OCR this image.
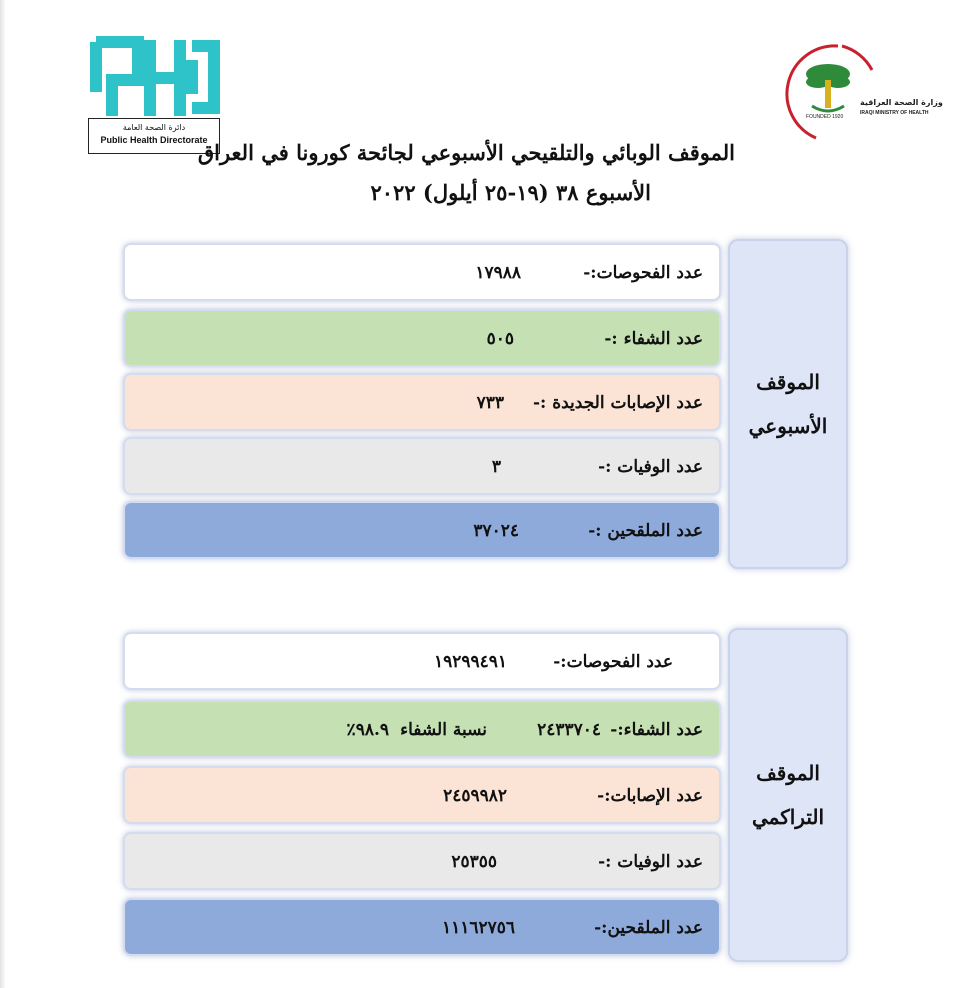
دائرة الصحة العامة
Public Health Directorate
وزارة الصحة العراقية
IRAQI MINISTRY OF HEALTH
FOUNDED 1920
الموقف الوبائي والتلقيحي الأسبوعي لجائحة كورونا في العراق
الأسبوع ٣٨ (١٩-٢٥ أيلول) ٢٠٢٢
الموقف الأسبوعي
عدد الفحوصات:-
١٧٩٨٨
عدد الشفاء :-
٥٠٥
عدد الإصابات الجديدة :-
٧٣٣
عدد الوفيات :-
٣
عدد الملقحين :-
٣٧٠٢٤
الموقف التراكمي
عدد الفحوصات:-
١٩٢٩٩٤٩١
عدد الشفاء:-
٢٤٣٣٧٠٤
نسبة الشفاء
٩٨.٩٪
عدد الإصابات:-
٢٤٥٩٩٨٢
عدد الوفيات :-
٢٥٣٥٥
عدد الملقحين:-
١١١٦٢٧٥٦
